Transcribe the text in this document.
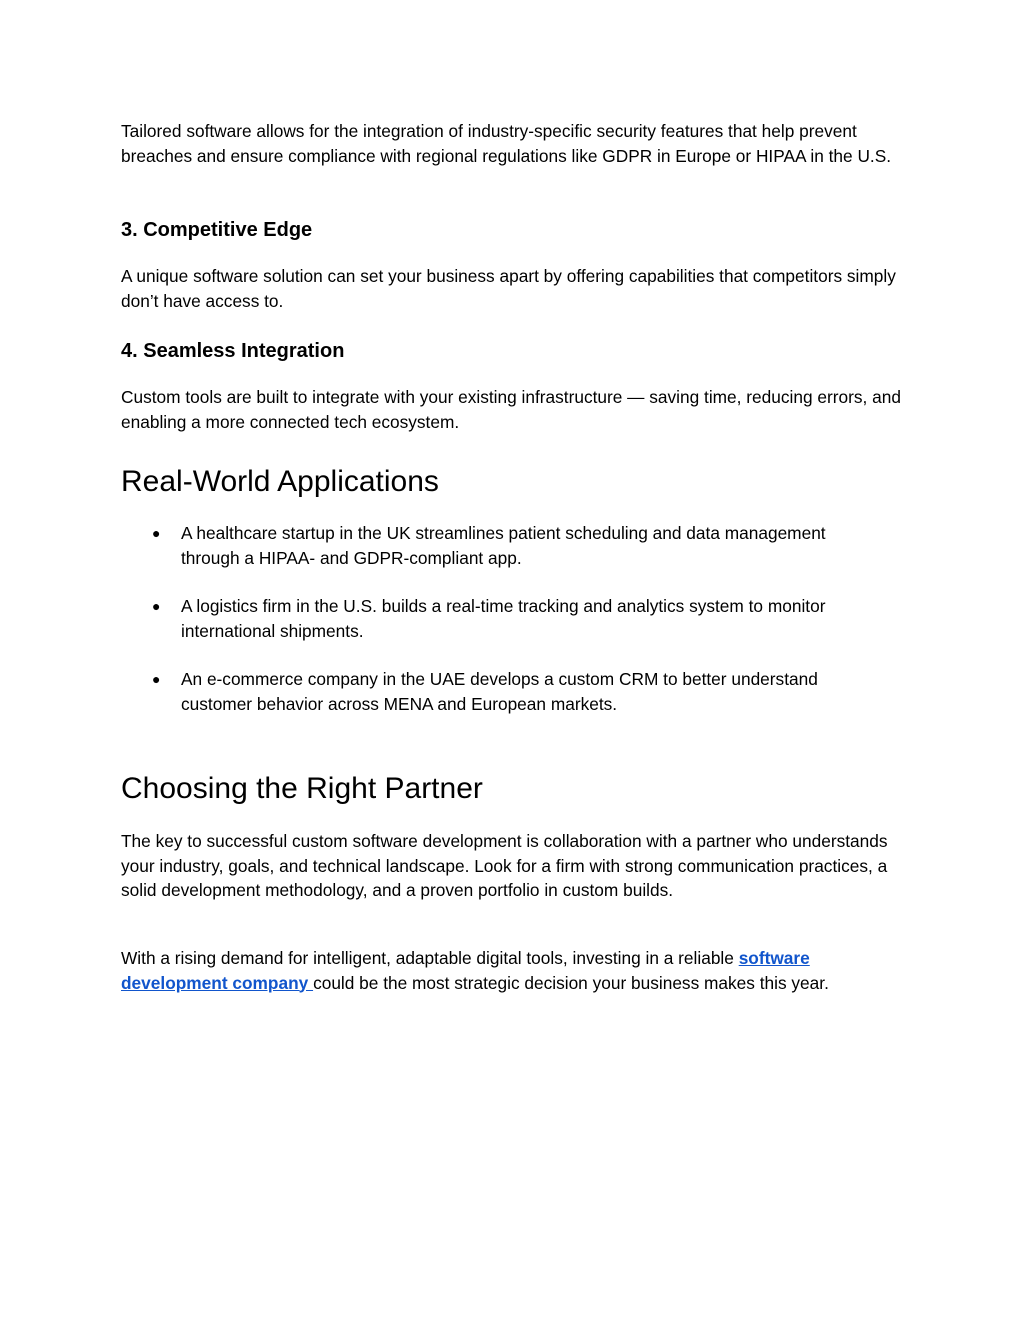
Tailored software allows for the integration of industry-specific security features that help prevent breaches and ensure compliance with regional regulations like GDPR in Europe or HIPAA in the U.S.

3. Competitive Edge

A unique software solution can set your business apart by offering capabilities that competitors simply don’t have access to.

4. Seamless Integration

Custom tools are built to integrate with your existing infrastructure — saving time, reducing errors, and enabling a more connected tech ecosystem.

Real-World Applications
● A healthcare startup in the UK streamlines patient scheduling and data management through a HIPAA- and GDPR-compliant app.
● A logistics firm in the U.S. builds a real-time tracking and analytics system to monitor international shipments.
● An e-commerce company in the UAE develops a custom CRM to better understand customer behavior across MENA and European markets.
Choosing the Right Partner

The key to successful custom software development is collaboration with a partner who understands your industry, goals, and technical landscape. Look for a firm with strong communication practices, a solid development methodology, and a proven portfolio in custom builds.

With a rising demand for intelligent, adaptable digital tools, investing in a reliable software development company could be the most strategic decision your business makes this year.
